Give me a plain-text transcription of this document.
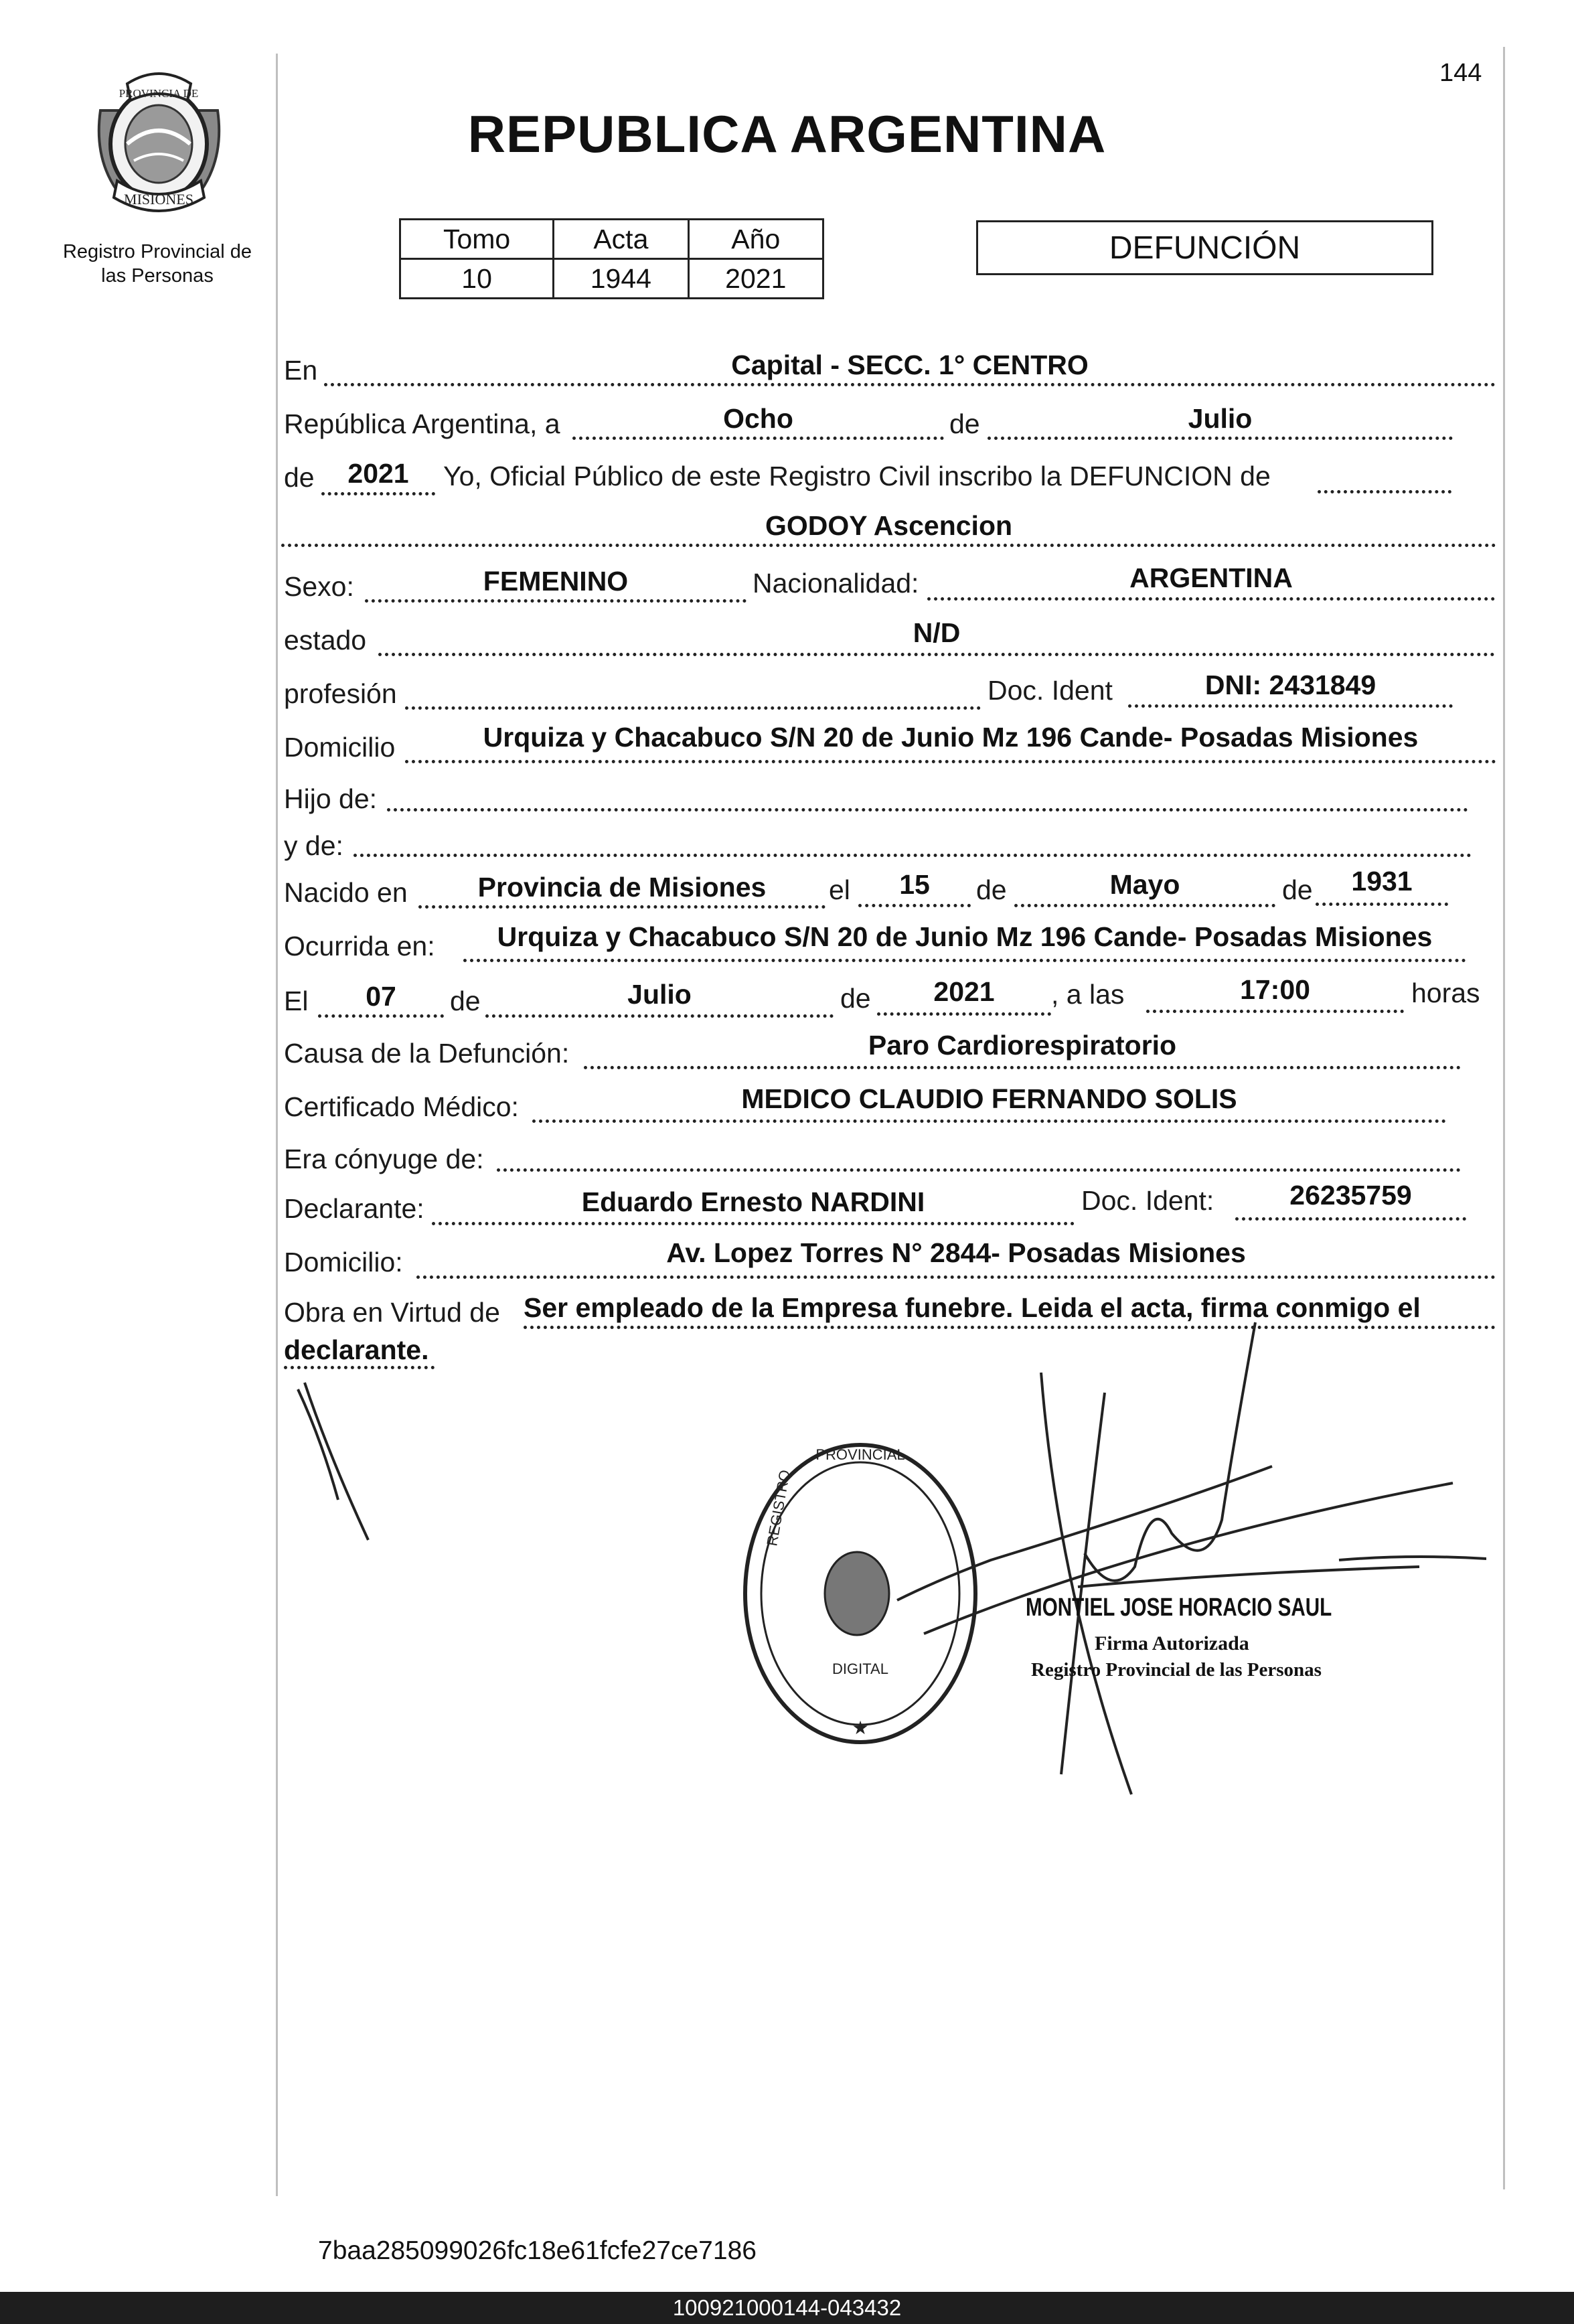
144
PROVINCIA DE
MISIONES
Registro Provincial de
las Personas
REPUBLICA ARGENTINA
Tomo	Acta	Año
10	1944	2021
DEFUNCIÓN
En	Capital - SECC. 1° CENTRO
República Argentina, a	Ocho	de	Julio
de	2021	Yo, Oficial Público de este Registro Civil inscribo la DEFUNCION de
GODOY Ascencion
Sexo:	FEMENINO	Nacionalidad:	ARGENTINA
estado	N/D
profesión	Doc. Ident	DNI: 2431849
Domicilio	Urquiza y Chacabuco S/N 20 de Junio Mz 196 Cande- Posadas Misiones
Hijo de:
y de:
Nacido en	Provincia de Misiones	el	15	de	Mayo	de	1931
Ocurrida en:	Urquiza y Chacabuco S/N 20 de Junio Mz 196 Cande- Posadas Misiones
El	07	de	Julio	de	2021	, a las	17:00	horas
Causa de la Defunción:	Paro Cardiorespiratorio
Certificado Médico:	MEDICO CLAUDIO FERNANDO SOLIS
Era cónyuge de:
Declarante:	Eduardo Ernesto NARDINI	Doc. Ident:	26235759
Domicilio:	Av. Lopez Torres N° 2844- Posadas Misiones
Obra en Virtud de Ser empleado de la Empresa funebre. Leida el acta, firma conmigo el
declarante.
PROVINCIAL
REGISTRO
DIGITAL
★
MONTIEL JOSE HORACIO SAUL
Firma Autorizada
Registro Provincial de las Personas
7baa285099026fc18e61fcfe27ce7186
100921000144-043432
